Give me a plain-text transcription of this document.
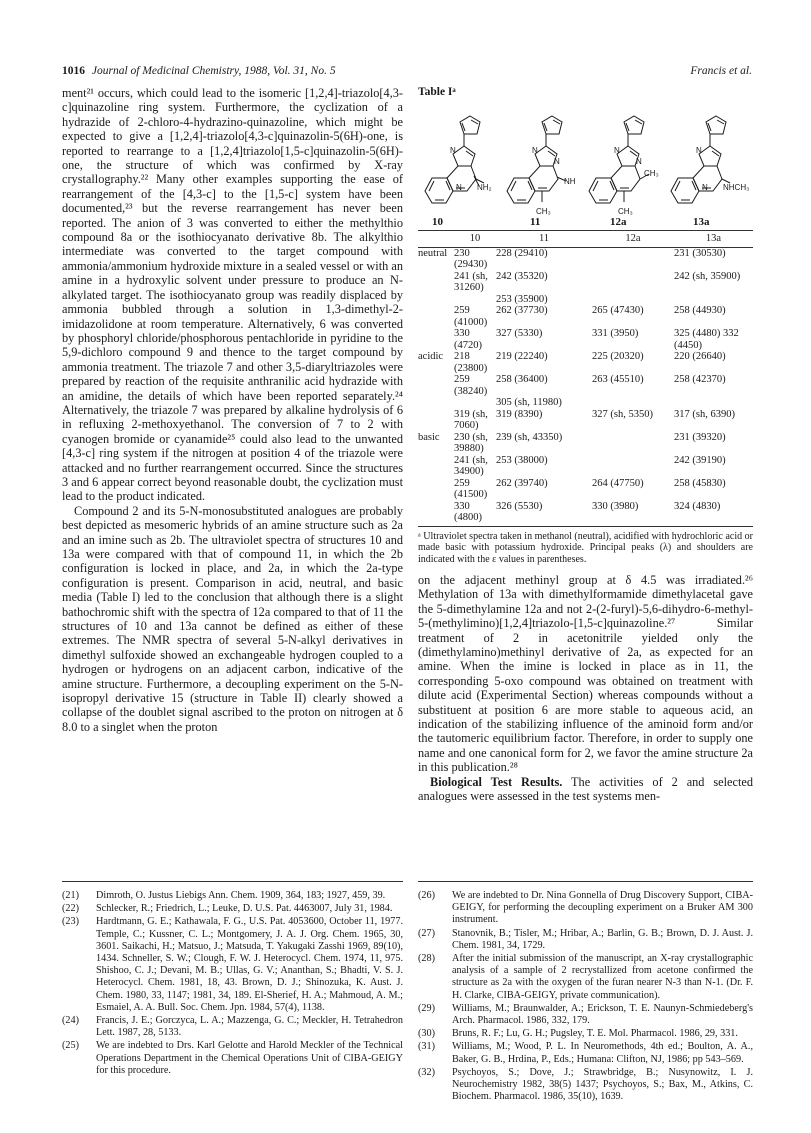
1016 Journal of Medicinal Chemistry, 1988, Vol. 31, No. 5	Francis et al.

ment²¹ occurs, which could lead to the isomeric [1,2,4]-triazolo[4,3-c]quinazoline ring system. Furthermore, the cyclization of a hydrazide of 2-chloro-4-hydrazino-quinazoline, which might be expected to give a [1,2,4]-triazolo[4,3-c]quinazolin-5(6H)-one, is reported to rearrange to a [1,2,4]triazolo[1,5-c]quinazolin-5(6H)-one, the structure of which was confirmed by X-ray crystallography.²² Many other examples supporting the ease of rearrangement of the [4,3-c] to the [1,5-c] system have been documented,²³ but the reverse rearrangement has never been reported. The anion of 3 was converted to either the methylthio compound 8a or the isothiocyanato derivative 8b. The alkylthio intermediate was converted to the target compound with ammonia/ammonium hydroxide mixture in a sealed vessel or with an amine in a hydroxylic solvent under pressure to produce an N-alkylated target. The isothiocyanato group was readily displaced by ammonia bubbled through a solution in 1,3-dimethyl-2-imidazolidone at room temperature. Alternatively, 6 was converted by phosphoryl chloride/phosphorous pentachloride in pyridine to the 5,9-dichloro compound 9 and thence to the target compound by ammonia treatment. The triazole 7 and other 3,5-diaryltriazoles were prepared by reaction of the requisite anthranilic acid hydrazide with an amidine, the details of which have been reported separately.²⁴ Alternatively, the triazole 7 was prepared by alkaline hydrolysis of 6 in refluxing 2-methoxyethanol. The conversion of 7 to 2 with cyanogen bromide or cyanamide²⁵ could also lead to the unwanted [4,3-c] ring system if the nitrogen at position 4 of the triazole were attacked and no further rearrangement occurred. Since the structures 3 and 6 appear correct beyond reasonable doubt, the cyclization must lead to the product indicated.

Compound 2 and its 5-N-monosubstituted analogues are probably best depicted as mesomeric hybrids of an amine structure such as 2a and an imine such as 2b. The ultraviolet spectra of structures 10 and 13a were compared with that of compound 11, in which the 2b configuration is locked in place, and 2a, in which the 2a-type configuration is present. Comparison in acid, neutral, and basic media (Table I) led to the conclusion that although there is a slight bathochromic shift with the spectra of 12a compared to that of 11 the structures of 10 and 13a cannot be defined as either of these extremes. The NMR spectra of several 5-N-alkyl derivatives in dimethyl sulfoxide showed an exchangeable hydrogen coupled to a hydrogen or hydrogens on an adjacent carbon, indicative of the amine structure. Furthermore, a decoupling experiment on the 5-N-isopropyl derivative 15 (structure in Table II) clearly showed a collapse of the doublet signal ascribed to the proton on nitrogen at δ 8.0 to a singlet when the proton

Table Iᵃ
N
N NH₂
N
N
NH
CH₃
N
N
CH₃
CH₃
N
N NHCH₃
10	11	12a	13a
	10	11	12a	13a
neutral	230 (29430)	228 (29410)		231 (30530)
	241 (sh, 31260)	242 (35320)		242 (sh, 35900)
		253 (35900)		
	259 (41000)	262 (37730)	265 (47430)	258 (44930)
	330 (4720)	327 (5330)	331 (3950)	325 (4480) 332 (4450)
acidic	218 (23800)	219 (22240)	225 (20320)	220 (26640)
	259 (38240)	258 (36400)	263 (45510)	258 (42370)
		305 (sh, 11980)		
	319 (sh, 7060)	319 (8390)	327 (sh, 5350)	317 (sh, 6390)
basic	230 (sh, 39880)	239 (sh, 43350)		231 (39320)
	241 (sh, 34900)	253 (38000)		242 (39190)
	259 (41500)	262 (39740)	264 (47750)	258 (45830)
	330 (4800)	326 (5530)	330 (3980)	324 (4830)
ᵃ Ultraviolet spectra taken in methanol (neutral), acidified with hydrochloric acid or made basic with potassium hydroxide. Principal peaks (λ) and shoulders are indicated with the ε values in parentheses.

on the adjacent methinyl group at δ 4.5 was irradiated.²⁶ Methylation of 13a with dimethylformamide dimethylacetal gave the 5-dimethylamine 12a and not 2-(2-furyl)-5,6-dihydro-6-methyl-5-(methylimino)[1,2,4]triazolo-[1,5-c]quinazoline.²⁷ Similar treatment of 2 in acetonitrile yielded only the (dimethylamino)methinyl derivative of 2a, as expected for an amine. When the imine is locked in place as in 11, the corresponding 5-oxo compound was obtained on treatment with dilute acid (Experimental Section) whereas compounds without a substituent at position 6 are more stable to aqueous acid, an indication of the stabilizing influence of the aminoid form and/or the tautomeric equilibrium factor. Therefore, in order to supply one name and one canonical form for 2, we favor the amine structure 2a in this publication.²⁸

Biological Test Results. The activities of 2 and selected analogues were assessed in the test systems men-

(21)	Dimroth, O. Justus Liebigs Ann. Chem. 1909, 364, 183; 1927, 459, 39.
(22)	Schlecker, R.; Friedrich, L.; Leuke, D. U.S. Pat. 4463007, July 31, 1984.
(23)	Hardtmann, G. E.; Kathawala, F. G., U.S. Pat. 4053600, October 11, 1977. Temple, C.; Kussner, C. L.; Montgomery, J. A. J. Org. Chem. 1965, 30, 3601. Saikachi, H.; Matsuo, J.; Matsuda, T. Yakugaki Zasshi 1969, 89(10), 1434. Schneller, S. W.; Clough, F. W. J. Heterocycl. Chem. 1974, 11, 975. Shishoo, C. J.; Devani, M. B.; Ullas, G. V.; Ananthan, S.; Bhadti, V. S. J. Heterocycl. Chem. 1981, 18, 43. Brown, D. J.; Shinozuka, K. Aust. J. Chem. 1980, 33, 1147; 1981, 34, 189. El-Sherief, H. A.; Mahmoud, A. M.; Esmaiel, A. A. Bull. Soc. Chem. Jpn. 1984, 57(4), 1138.
(24)	Francis, J. E.; Gorczyca, L. A.; Mazzenga, G. C.; Meckler, H. Tetrahedron Lett. 1987, 28, 5133.
(25)	We are indebted to Drs. Karl Gelotte and Harold Meckler of the Technical Operations Department in the Chemical Operations Unit of CIBA-GEIGY for this procedure.
(26)	We are indebted to Dr. Nina Gonnella of Drug Discovery Support, CIBA-GEIGY, for performing the decoupling experiment on a Bruker AM 300 instrument.
(27)	Stanovnik, B.; Tisler, M.; Hribar, A.; Barlin, G. B.; Brown, D. J. Aust. J. Chem. 1981, 34, 1729.
(28)	After the initial submission of the manuscript, an X-ray crystallographic analysis of a sample of 2 recrystallized from acetone confirmed the structure as 2a with the oxygen of the furan nearer N-3 than N-1. (Dr. F. H. Clarke, CIBA-GEIGY, private communication).
(29)	Williams, M.; Braunwalder, A.; Erickson, T. E. Naunyn-Schmiedeberg's Arch. Pharmacol. 1986, 332, 179.
(30)	Bruns, R. F.; Lu, G. H.; Pugsley, T. E. Mol. Pharmacol. 1986, 29, 331.
(31)	Williams, M.; Wood, P. L. In Neuromethods, 4th ed.; Boulton, A. A., Baker, G. B., Hrdina, P., Eds.; Humana: Clifton, NJ, 1986; pp 543–569.
(32)	Psychoyos, S.; Dove, J.; Strawbridge, B.; Nusynowitz, I. J. Neurochemistry 1982, 38(5) 1437; Psychoyos, S.; Bax, M., Atkins, C. Biochem. Pharmacol. 1986, 35(10), 1639.
